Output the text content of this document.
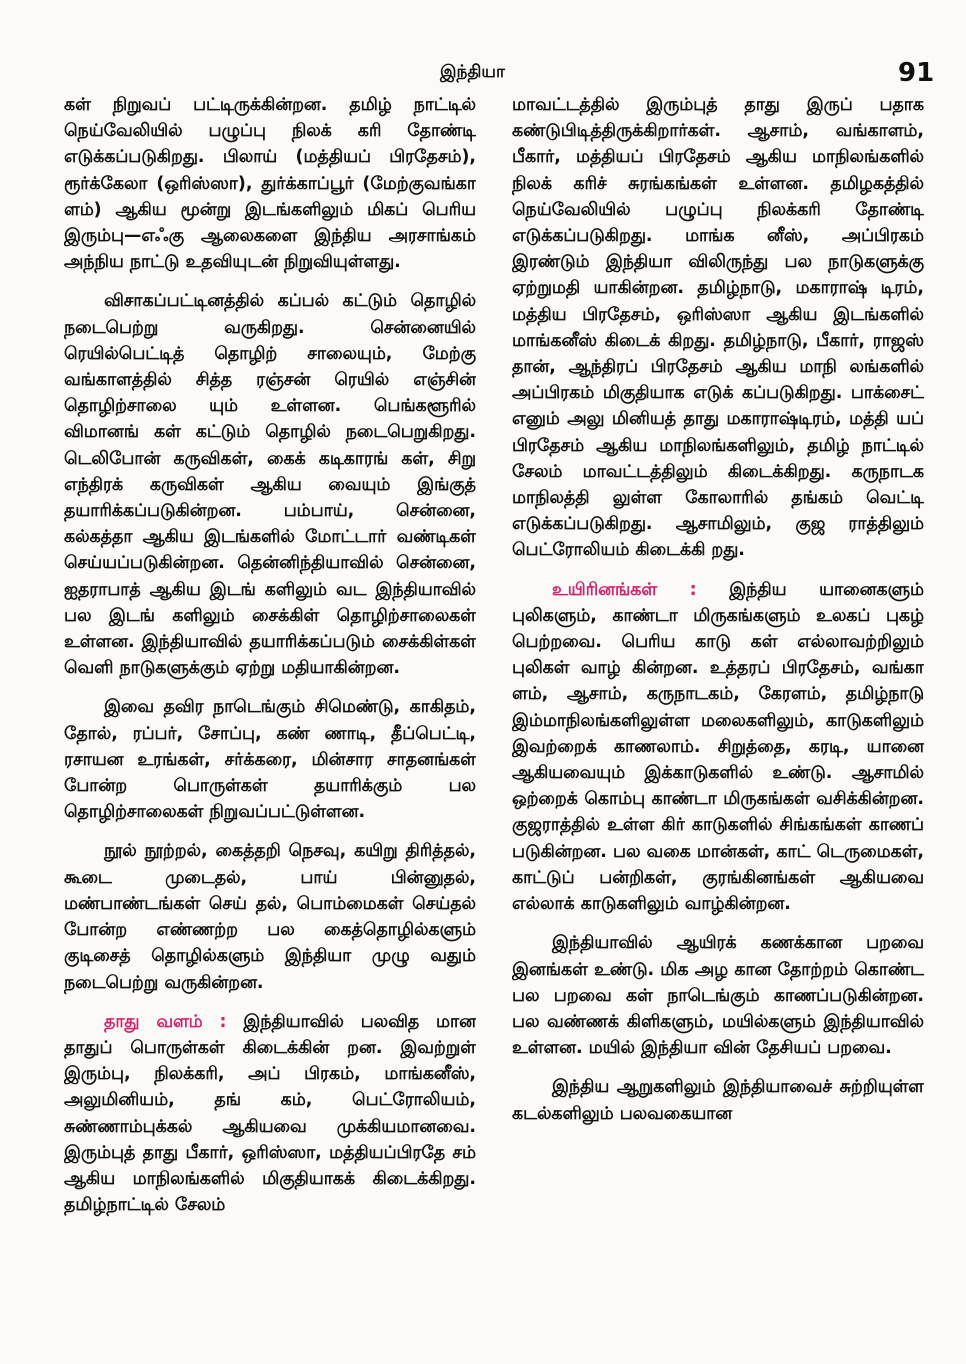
இந்தியா	91

கள் நிறுவப் பட்டிருக்கின்றன. தமிழ் நாட்டில் நெய்வேலியில் பழுப்பு நிலக் கரி தோண்டி எடுக்கப்படுகிறது. பிலாய் (மத்தியப் பிரதேசம்), ரூர்க்கேலா (ஒரிஸ்ஸா), துர்க்காப்பூர் (மேற்குவங்கா ளம்) ஆகிய மூன்று இடங்களிலும் மிகப் பெரிய இரும்பு—எஃகு ஆலைகளை இந்திய அரசாங்கம் அந்நிய நாட்டு உதவியுடன் நிறுவியுள்ளது.

விசாகப்பட்டினத்தில் கப்பல் கட்டும் தொழில் நடைபெற்று வருகிறது. சென்னையில் ரெயில்பெட்டித் தொழிற் சாலையும், மேற்கு வங்காளத்தில் சித்த ரஞ்சன் ரெயில் எஞ்சின் தொழிற்சாலை யும் உள்ளன. பெங்களூரில் விமானங் கள் கட்டும் தொழில் நடைபெறுகிறது. டெலிபோன் கருவிகள், கைக் கடிகாரங் கள், சிறு எந்திரக் கருவிகள் ஆகிய வையும் இங்குத் தயாரிக்கப்படுகின்றன. பம்பாய், சென்னை, கல்கத்தா ஆகிய இடங்களில் மோட்டார் வண்டிகள் செய்யப்படுகின்றன. தென்னிந்தியாவில் சென்னை, ஐதராபாத் ஆகிய இடங் களிலும் வட இந்தியாவில் பல இடங் களிலும் சைக்கிள் தொழிற்சாலைகள் உள்ளன. இந்தியாவில் தயாரிக்கப்படும் சைக்கிள்கள் வெளி நாடுகளுக்கும் ஏற்று மதியாகின்றன.

இவை தவிர நாடெங்கும் சிமெண்டு, காகிதம், தோல், ரப்பர், சோப்பு, கண் ணாடி, தீப்பெட்டி, ரசாயன உரங்கள், சர்க்கரை, மின்சார சாதனங்கள் போன்ற பொருள்கள் தயாரிக்கும் பல தொழிற்சாலைகள் நிறுவப்பட்டுள்ளன.

நூல் நூற்றல், கைத்தறி நெசவு, கயிறு திரித்தல், கூடை முடைதல், பாய் பின்னுதல், மண்பாண்டங்கள் செய் தல், பொம்மைகள் செய்தல் போன்ற எண்ணற்ற பல கைத்தொழில்களும் குடிசைத் தொழில்களும் இந்தியா முழு வதும் நடைபெற்று வருகின்றன.

தாது வளம் : இந்தியாவில் பலவித மான தாதுப் பொருள்கள் கிடைக்கின் றன. இவற்றுள் இரும்பு, நிலக்கரி, அப் பிரகம், மாங்கனீஸ், அலுமினியம், தங் கம், பெட்ரோலியம், சுண்ணாம்புக்கல் ஆகியவை முக்கியமானவை. இரும்புத் தாது பீகார், ஒரிஸ்ஸா, மத்தியப்பிரதே சம் ஆகிய மாநிலங்களில் மிகுதியாகக் கிடைக்கிறது. தமிழ்நாட்டில் சேலம்

மாவட்டத்தில் இரும்புத் தாது இருப் பதாக கண்டுபிடித்திருக்கிறார்கள். ஆசாம், வங்காளம், பீகார், மத்தியப் பிரதேசம் ஆகிய மாநிலங்களில் நிலக் கரிச் சுரங்கங்கள் உள்ளன. தமிழகத்தில் நெய்வேலியில் பழுப்பு நிலக்கரி தோண்டி எடுக்கப்படுகிறது. மாங்க னீஸ், அப்பிரகம் இரண்டும் இந்தியா விலிருந்து பல நாடுகளுக்கு ஏற்றுமதி யாகின்றன. தமிழ்நாடு, மகாராஷ் டிரம், மத்திய பிரதேசம், ஒரிஸ்ஸா ஆகிய இடங்களில் மாங்கனீஸ் கிடைக் கிறது. தமிழ்நாடு, பீகார், ராஜஸ் தான், ஆந்திரப் பிரதேசம் ஆகிய மாநி லங்களில் அப்பிரகம் மிகுதியாக எடுக் கப்படுகிறது. பாக்சைட் எனும் அலு மினியத் தாது மகாராஷ்டிரம், மத்தி யப் பிரதேசம் ஆகிய மாநிலங்களிலும், தமிழ் நாட்டில் சேலம் மாவட்டத்திலும் கிடைக்கிறது. கருநாடக மாநிலத்தி லுள்ள கோலாரில் தங்கம் வெட்டி எடுக்கப்படுகிறது. ஆசாமிலும், குஜ ராத்திலும் பெட்ரோலியம் கிடைக்கி றது.

உயிரினங்கள் : இந்திய யானைகளும் புலிகளும், காண்டா மிருகங்களும் உலகப் புகழ் பெற்றவை. பெரிய காடு கள் எல்லாவற்றிலும் புலிகள் வாழ் கின்றன. உத்தரப் பிரதேசம், வங்கா ளம், ஆசாம், கருநாடகம், கேரளம், தமிழ்நாடு இம்மாநிலங்களிலுள்ள மலைகளிலும், காடுகளிலும் இவற்றைக் காணலாம். சிறுத்தை, கரடி, யானை ஆகியவையும் இக்காடுகளில் உண்டு. ஆசாமில் ஒற்றைக் கொம்பு காண்டா மிருகங்கள் வசிக்கின்றன. குஜராத்தில் உள்ள கிர் காடுகளில் சிங்கங்கள் காணப் படுகின்றன. பல வகை மான்கள், காட் டெருமைகள், காட்டுப் பன்றிகள், குரங்கினங்கள் ஆகியவை எல்லாக் காடுகளிலும் வாழ்கின்றன.

இந்தியாவில் ஆயிரக் கணக்கான பறவை இனங்கள் உண்டு. மிக அழ கான தோற்றம் கொண்ட பல பறவை கள் நாடெங்கும் காணப்படுகின்றன. பல வண்ணக் கிளிகளும், மயில்களும் இந்தியாவில் உள்ளன. மயில் இந்தியா வின் தேசியப் பறவை.

இந்திய ஆறுகளிலும் இந்தியாவைச் சுற்றியுள்ள கடல்களிலும் பலவகையான
